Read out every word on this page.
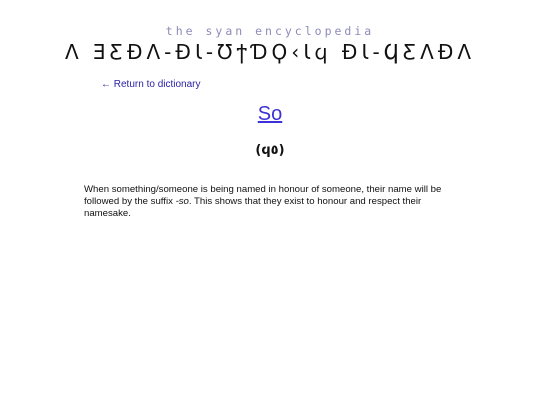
the syan encyclopedia
Λ ƎƸƉΛ-ƉƖ-ƱϯƊϘ‹Ɩϥ ƉƖ-ϤƸΛƉΛ
← Return to dictionary
So
(ϥ٥)

When something/someone is being named in honour of someone, their name will be followed by the suffix -so. This shows that they exist to honour and respect their namesake.
